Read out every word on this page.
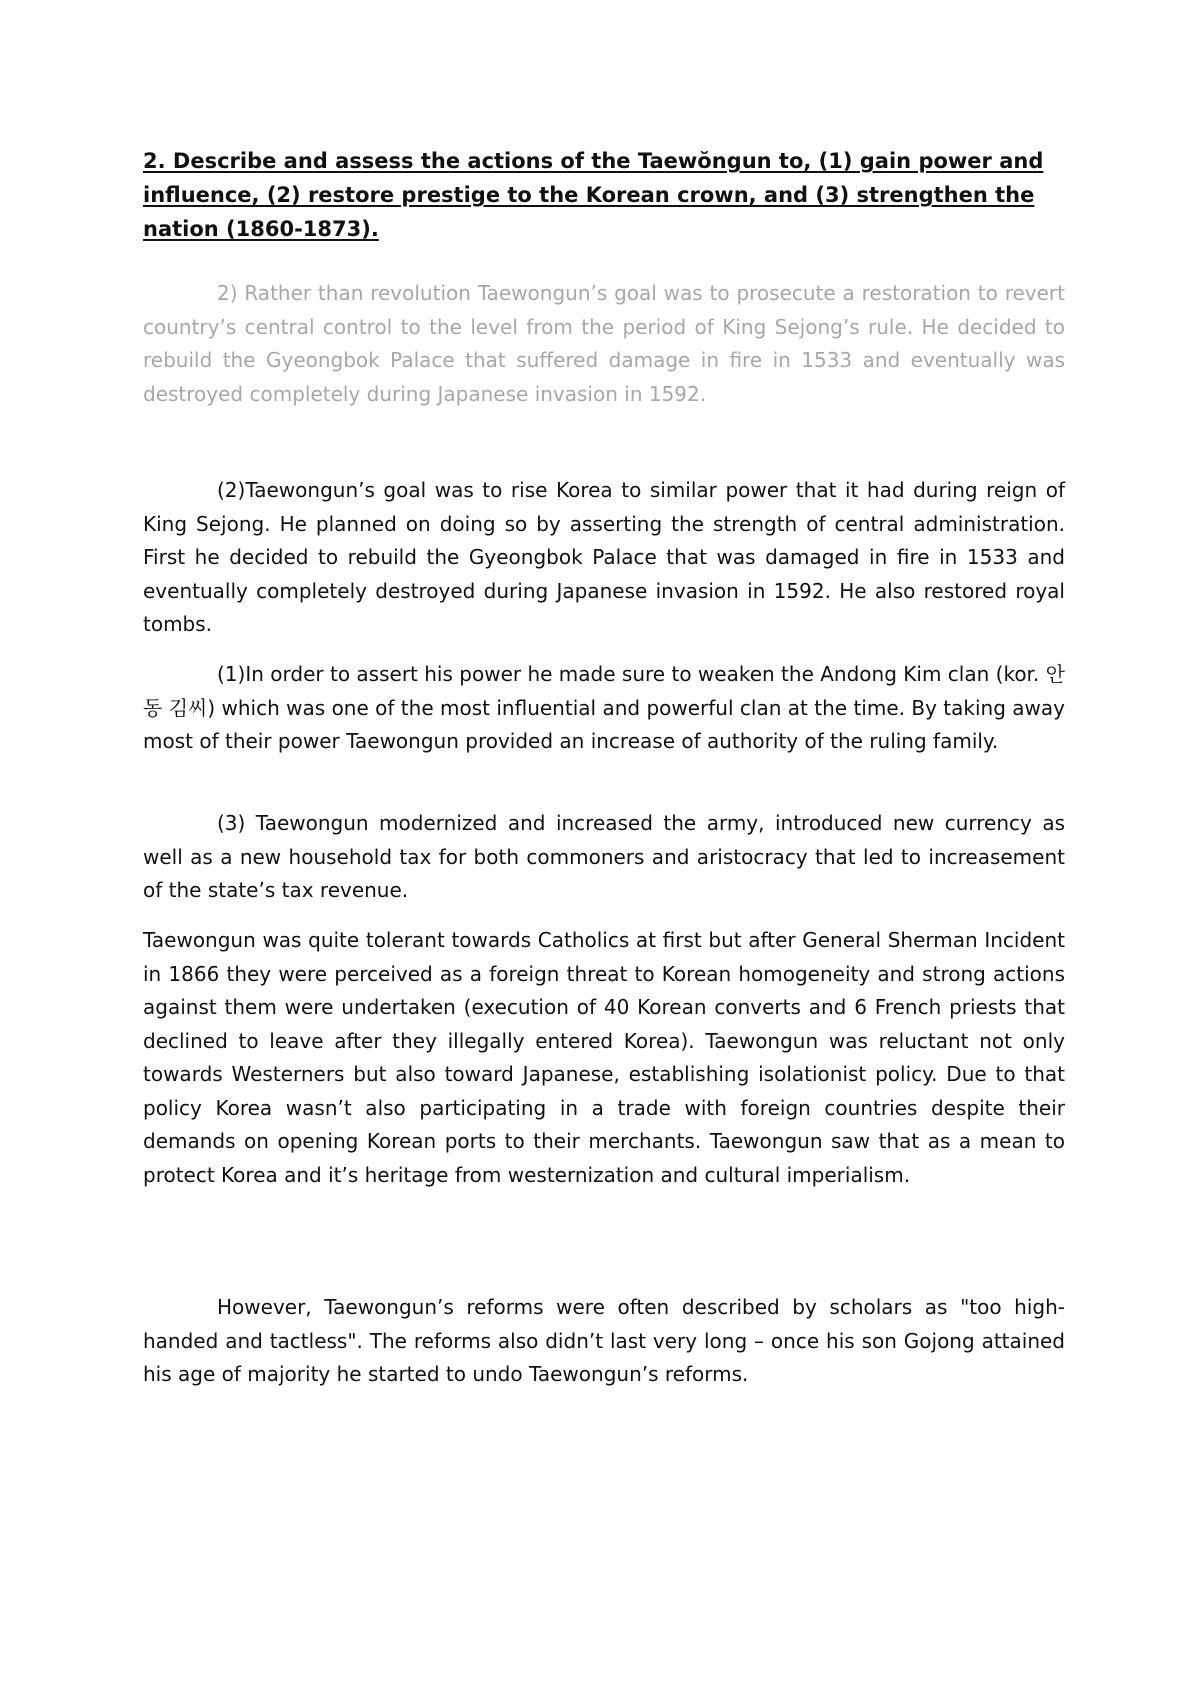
2. Describe and assess the actions of the Taewŏngun to, (1) gain power and influence, (2) restore prestige to the Korean crown, and (3) strengthen the nation (1860-1873).

2) Rather than revolution Taewongun’s goal was to prosecute a restoration to revert country’s central control to the level from the period of King Sejong’s rule. He decided to rebuild the Gyeongbok Palace that suffered damage in fire in 1533 and eventually was destroyed completely during Japanese invasion in 1592.

(2)Taewongun’s goal was to rise Korea to similar power that it had during reign of King Sejong. He planned on doing so by asserting the strength of central administration. First he decided to rebuild the Gyeongbok Palace that was damaged in fire in 1533 and eventually completely destroyed during Japanese invasion in 1592. He also restored royal tombs.

(1)In order to assert his power he made sure to weaken the Andong Kim clan (kor. 안동 김씨) which was one of the most influential and powerful clan at the time. By taking away most of their power Taewongun provided an increase of authority of the ruling family.

(3) Taewongun modernized and increased the army, introduced new currency as well as a new household tax for both commoners and aristocracy that led to increasement of the state’s tax revenue.

Taewongun was quite tolerant towards Catholics at first but after General Sherman Incident in 1866 they were perceived as a foreign threat to Korean homogeneity and strong actions against them were undertaken (execution of 40 Korean converts and 6 French priests that declined to leave after they illegally entered Korea). Taewongun was reluctant not only towards Westerners but also toward Japanese, establishing isolationist policy. Due to that policy Korea wasn’t also participating in a trade with foreign countries despite their demands on opening Korean ports to their merchants. Taewongun saw that as a mean to protect Korea and it’s heritage from westernization and cultural imperialism.

However, Taewongun’s reforms were often described by scholars as "too high-handed and tactless". The reforms also didn’t last very long – once his son Gojong attained his age of majority he started to undo Taewongun’s reforms.
